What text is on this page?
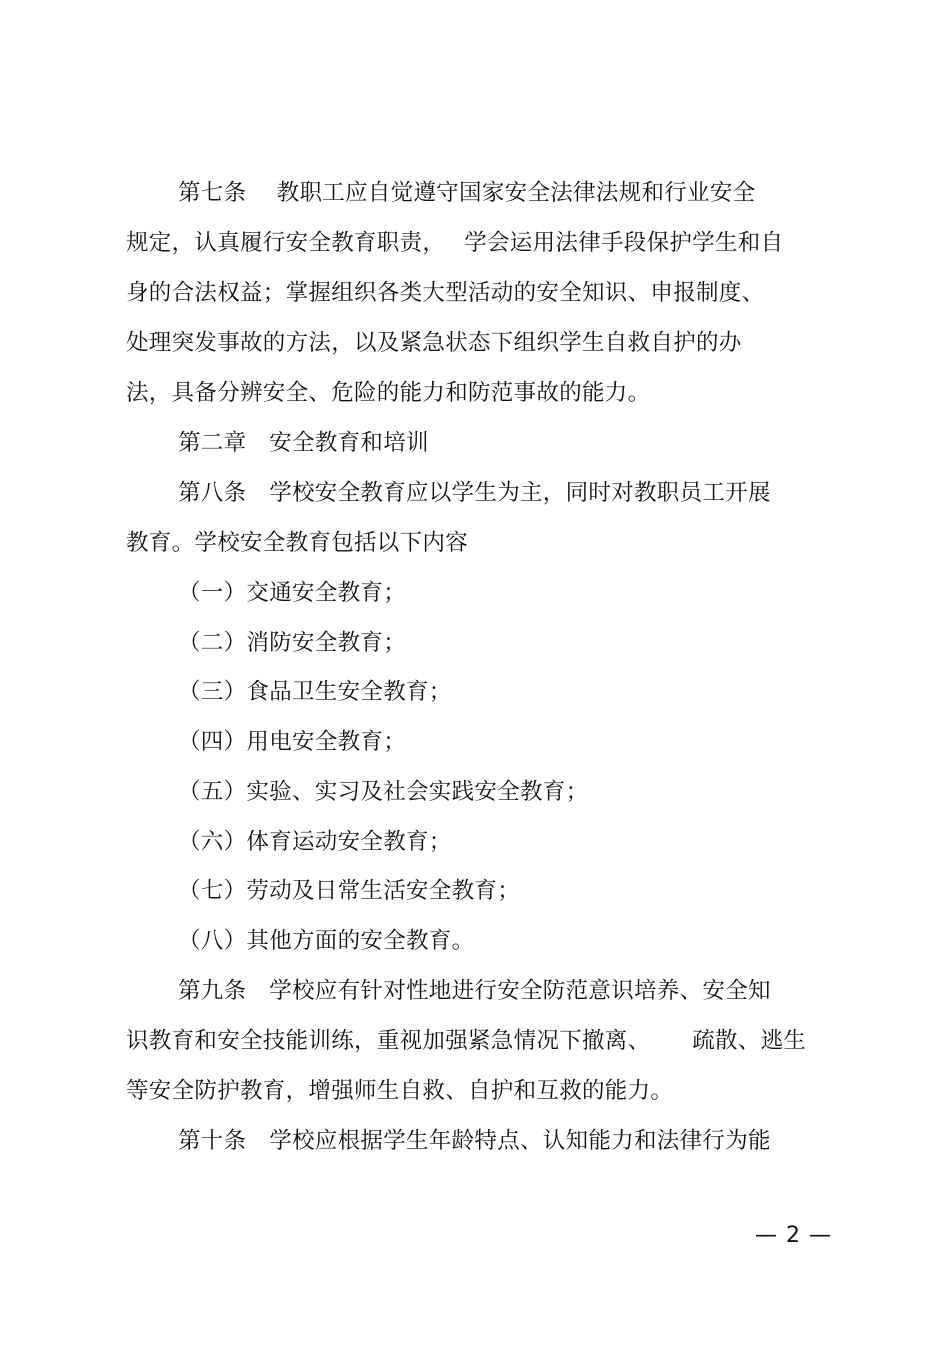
第七条　 教职工应自觉遵守国家安全法律法规和行业安全
规定，认真履行安全教育职责，　 学会运用法律手段保护学生和自
身的合法权益；掌握组织各类大型活动的安全知识、申报制度、
处理突发事故的方法，以及紧急状态下组织学生自救自护的办
法，具备分辨安全、危险的能力和防范事故的能力。
第二章　安全教育和培训
第八条　学校安全教育应以学生为主，同时对教职员工开展
教育。学校安全教育包括以下内容
（一）交通安全教育；
（二）消防安全教育；
（三）食品卫生安全教育；
（四）用电安全教育；
（五）实验、实习及社会实践安全教育；
（六）体育运动安全教育；
（七）劳动及日常生活安全教育；
（八）其他方面的安全教育。
第九条　学校应有针对性地进行安全防范意识培养、安全知
识教育和安全技能训练，重视加强紧急情况下撤离、　　 疏散、逃生
等安全防护教育，增强师生自救、自护和互救的能力。
第十条　学校应根据学生年龄特点、认知能力和法律行为能
— 2 —
